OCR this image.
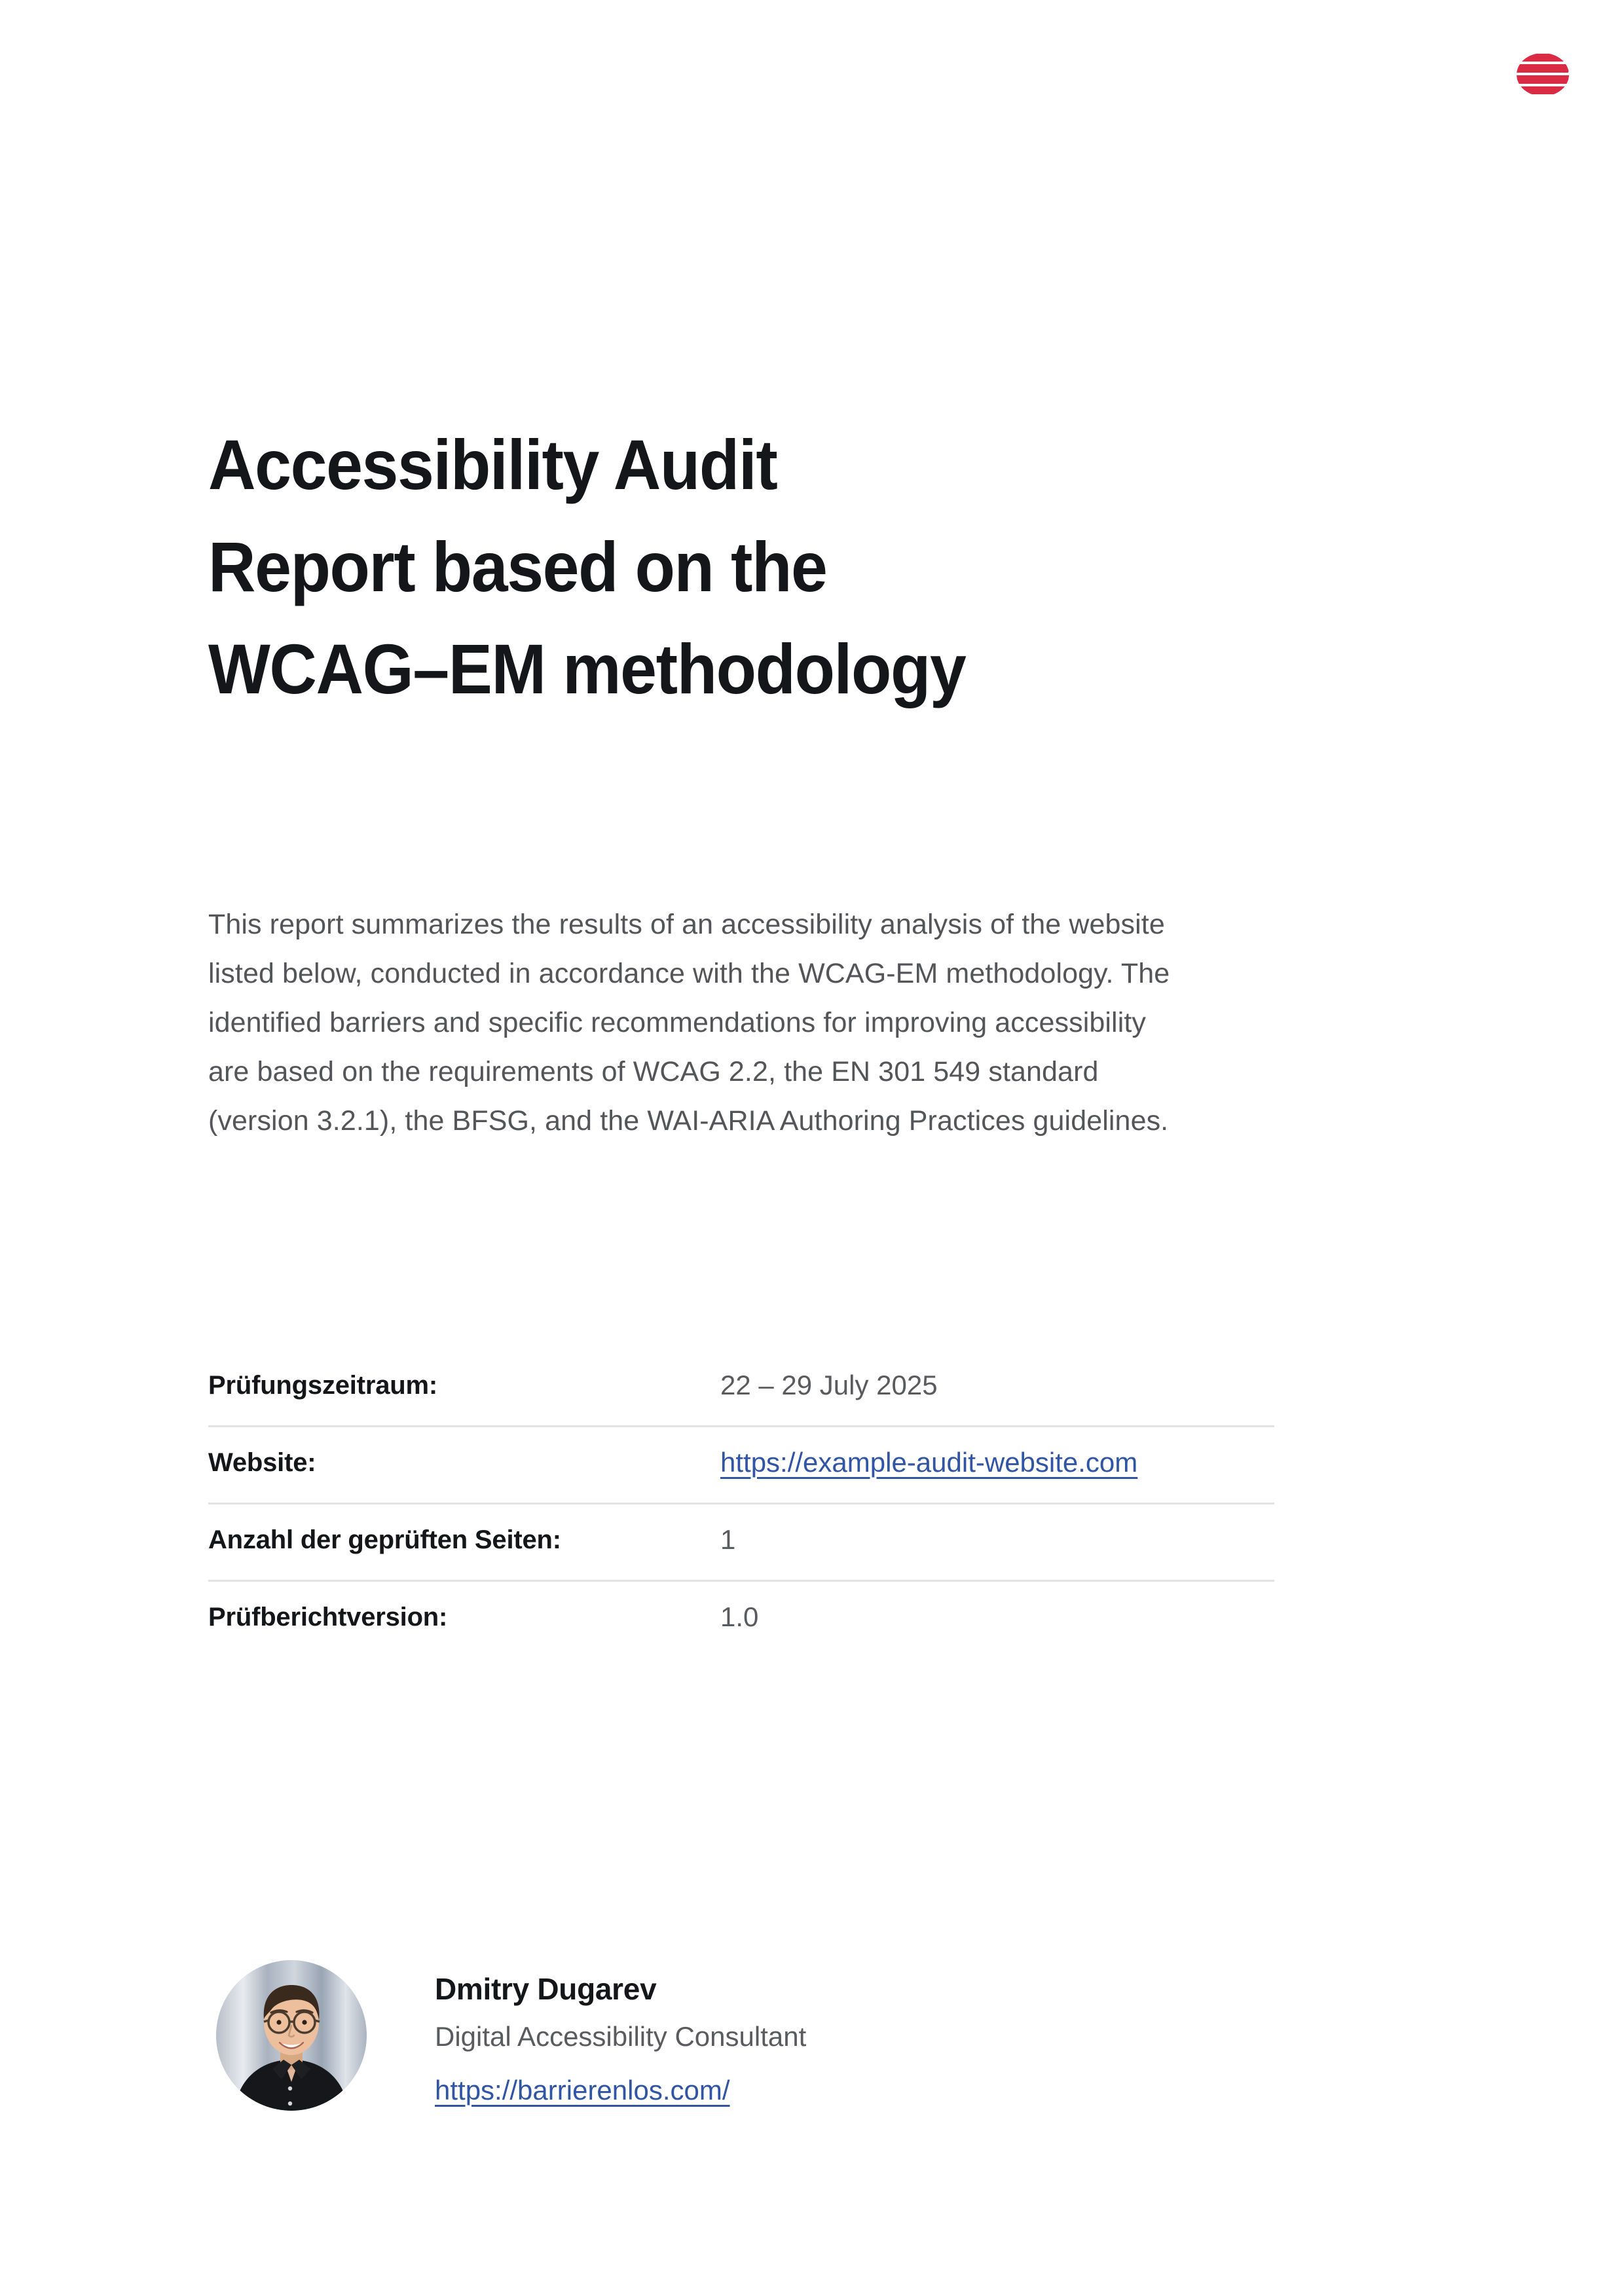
Accessibility Audit
Report based on the
WCAG–EM methodology

This report summarizes the results of an accessibility analysis of the website listed below, conducted in accordance with the WCAG-EM methodology. The identified barriers and specific recommendations for improving accessibility are based on the requirements of WCAG 2.2, the EN 301 549 standard (version 3.2.1), the BFSG, and the WAI-ARIA Authoring Practices guidelines.

Prüfungszeitraum:	22 – 29 July 2025
Website:	https://example-audit-website.com
Anzahl der geprüften Seiten:	1
Prüfberichtversion:	1.0
Dmitry Dugarev
Digital Accessibility Consultant
https://barrierenlos.com/
